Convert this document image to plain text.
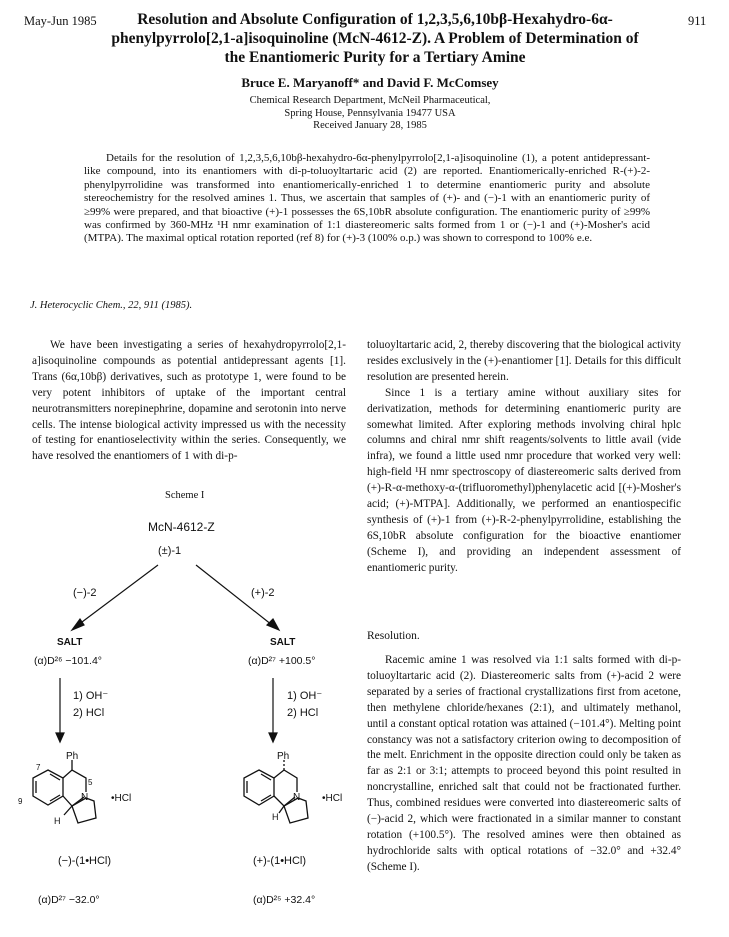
May-Jun 1985	911
Resolution and Absolute Configuration of 1,2,3,5,6,10bβ-Hexahydro-6α-phenylpyrrolo[2,1-a]isoquinoline (McN-4612-Z). A Problem of Determination of the Enantiomeric Purity for a Tertiary Amine
Bruce E. Maryanoff* and David F. McComsey
Chemical Research Department, McNeil Pharmaceutical,
Spring House, Pennsylvania 19477 USA
Received January 28, 1985
Details for the resolution of 1,2,3,5,6,10bβ-hexahydro-6α-phenylpyrrolo[2,1-a]isoquinoline (1), a potent antidepressant-like compound, into its enantiomers with di-p-toluoyltartaric acid (2) are reported. Enantiomerically-enriched R-(+)-2-phenylpyrrolidine was transformed into enantiomerically-enriched 1 to determine enantiomeric purity and absolute stereochemistry for the resolved amines 1. Thus, we ascertain that samples of (+)- and (−)-1 with an enantiomeric purity of ≥99% were prepared, and that bioactive (+)-1 possesses the 6S,10bR absolute configuration. The enantiomeric purity of ≥99% was confirmed by 360-MHz ¹H nmr examination of 1:1 diastereomeric salts formed from 1 or (−)-1 and (+)-Mosher's acid (MTPA). The maximal optical rotation reported (ref 8) for (+)-3 (100% o.p.) was shown to correspond to 100% e.e.
J. Heterocyclic Chem., 22, 911 (1985).
We have been investigating a series of hexahydropyrrolo[2,1-a]isoquinoline compounds as potential antidepressant agents [1]. Trans (6α,10bβ) derivatives, such as prototype 1, were found to be very potent inhibitors of uptake of the important central neurotransmitters norepinephrine, dopamine and serotonin into nerve cells. The intense biological activity impressed us with the necessity of testing for enantioselectivity within the series. Consequently, we have resolved the enantiomers of 1 with di-p-

toluoyltartaric acid, 2, thereby discovering that the biological activity resides exclusively in the (+)-enantiomer [1]. Details for this difficult resolution are presented herein.

Since 1 is a tertiary amine without auxiliary sites for derivatization, methods for determining enantiomeric purity are somewhat limited. After exploring methods involving chiral hplc columns and chiral nmr shift reagents/solvents to little avail (vide infra), we found a little used nmr procedure that worked very well: high-field ¹H nmr spectroscopy of diastereomeric salts derived from (+)-R-α-methoxy-α-(trifluoromethyl)phenylacetic acid [(+)-Mosher's acid; (+)-MTPA]. Additionally, we performed an enantiospecific synthesis of (+)-1 from (+)-R-2-phenylpyrrolidine, establishing the 6S,10bR absolute configuration for the bioactive enantiomer (Scheme I), and providing an independent assessment of enantiomeric purity.

Resolution.
Racemic amine 1 was resolved via 1:1 salts formed with di-p-toluoyltartaric acid (2). Diastereomeric salts from (+)-acid 2 were separated by a series of fractional crystallizations first from acetone, then methylene chloride/hexanes (2:1), and ultimately methanol, until a constant optical rotation was attained (−101.4°). Melting point constancy was not a satisfactory criterion owing to decomposition of the melt. Enrichment in the opposite direction could only be taken as far as 2:1 or 3:1; attempts to proceed beyond this point resulted in noncrystalline, enriched salt that could not be fractionated further. Thus, combined residues were converted into diastereomeric salts of (−)-acid 2, which were fractionated in a similar manner to constant rotation (+100.5°). The resolved amines were then obtained as hydrochloride salts with optical rotations of −32.0° and +32.4° (Scheme I).
Scheme I
McN-4612-Z
(±)-1
(−)-2	(+)-2
SALT	SALT
(α)D²⁶ −101.4°	(α)D²⁷ +100.5°
1) OH⁻
2) HCl
1) OH⁻
2) HCl
Ph
7
9
5
N •HCl
H
Ph
N •HCl
H
(−)-(1•HCl)	(+)-(1•HCl)
(α)D²⁷ −32.0°	(α)D²⁵ +32.4°
